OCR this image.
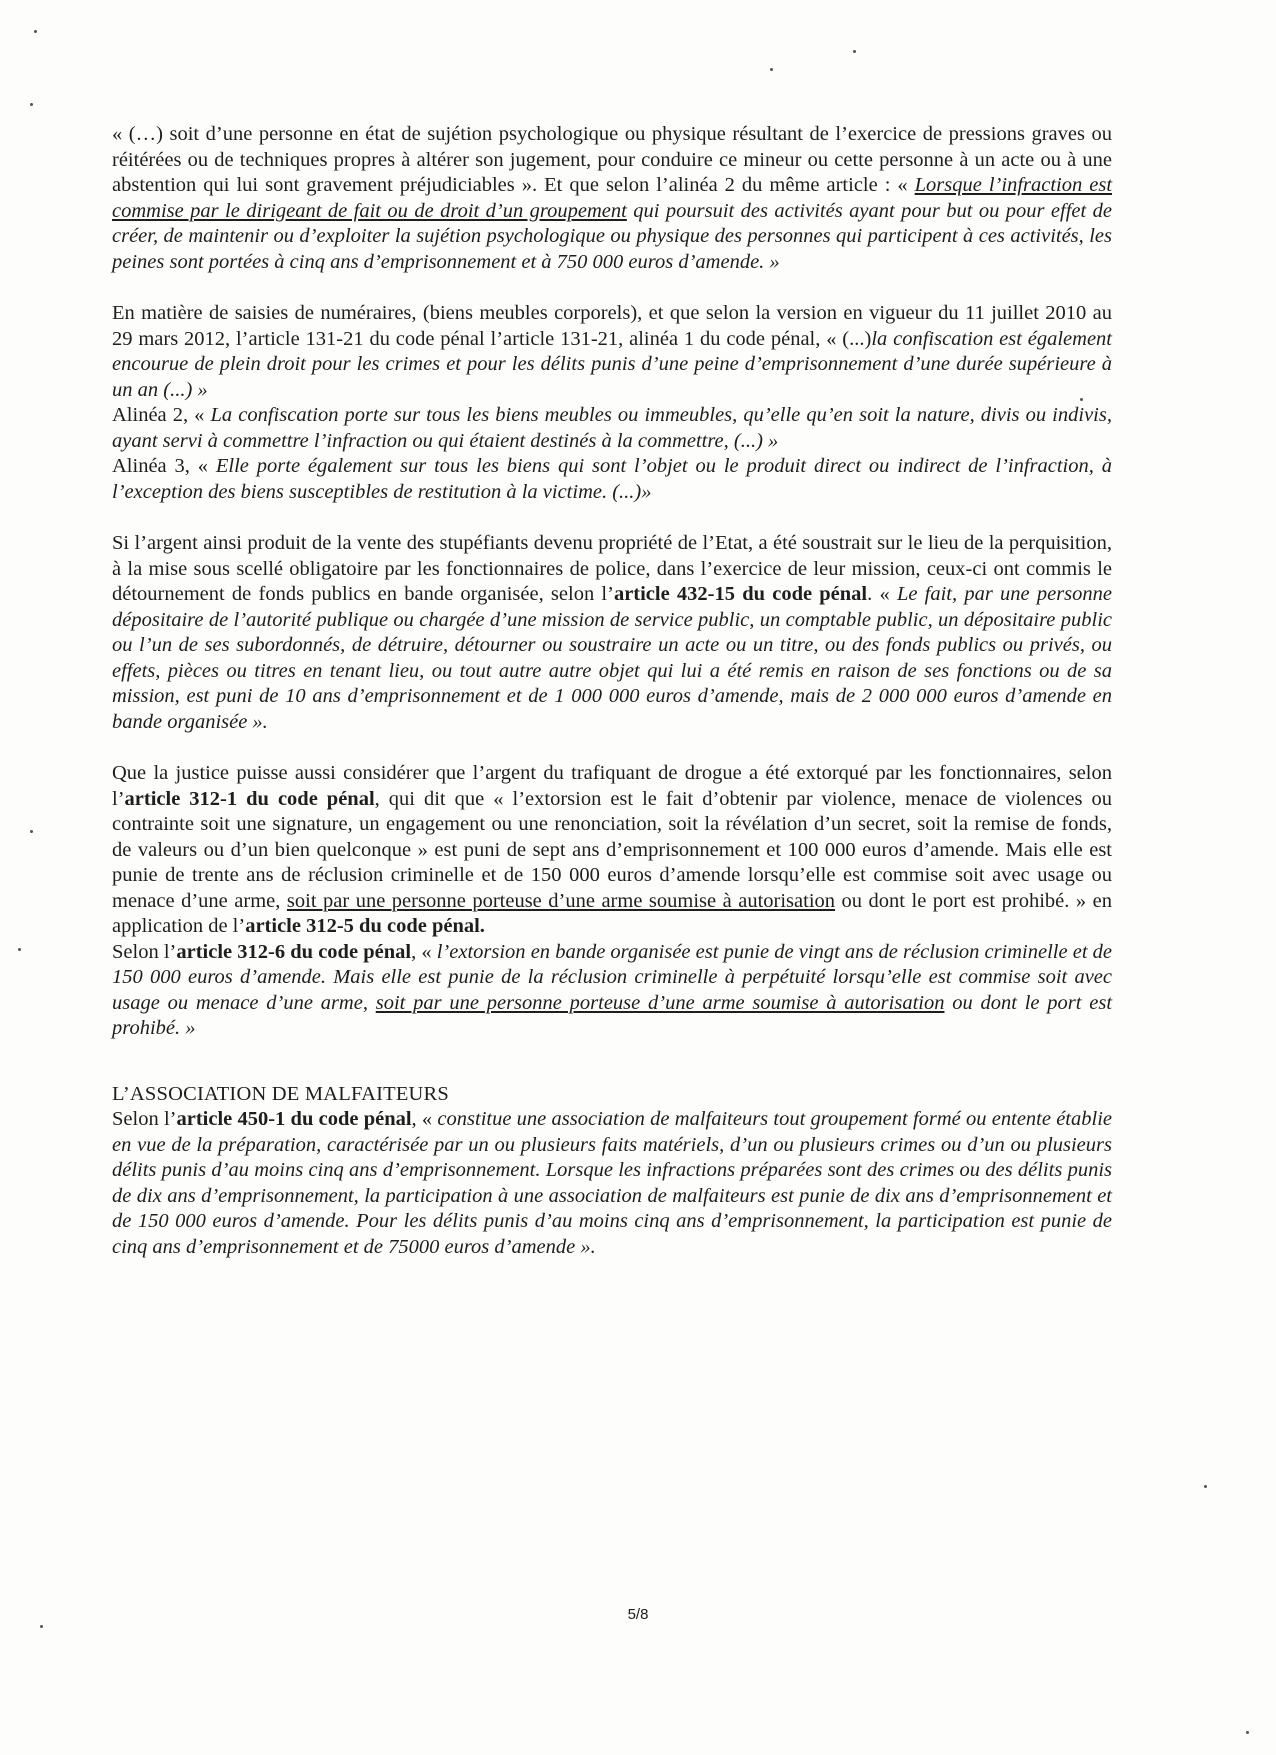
« (…) soit d’une personne en état de sujétion psychologique ou physique résultant de l’exercice de pressions graves ou réitérées ou de techniques propres à altérer son jugement, pour conduire ce mineur ou cette personne à un acte ou à une abstention qui lui sont gravement préjudiciables ». Et que selon l’alinéa 2 du même article : « Lorsque l’infraction est commise par le dirigeant de fait ou de droit d’un groupement qui poursuit des activités ayant pour but ou pour effet de créer, de maintenir ou d’exploiter la sujétion psychologique ou physique des personnes qui participent à ces activités, les peines sont portées à cinq ans d’emprisonnement et à 750 000 euros d’amende. »

En matière de saisies de numéraires, (biens meubles corporels), et que selon la version en vigueur du 11 juillet 2010 au 29 mars 2012, l’article 131-21 du code pénal l’article 131-21, alinéa 1 du code pénal, « (...)la confiscation est également encourue de plein droit pour les crimes et pour les délits punis d’une peine d’emprisonnement d’une durée supérieure à un an (...) »

Alinéa 2, « La confiscation porte sur tous les biens meubles ou immeubles, qu’elle qu’en soit la nature, divis ou indivis, ayant servi à commettre l’infraction ou qui étaient destinés à la commettre, (...) »

Alinéa 3, « Elle porte également sur tous les biens qui sont l’objet ou le produit direct ou indirect de l’infraction, à l’exception des biens susceptibles de restitution à la victime. (...)»

Si l’argent ainsi produit de la vente des stupéfiants devenu propriété de l’Etat, a été soustrait sur le lieu de la perquisition, à la mise sous scellé obligatoire par les fonctionnaires de police, dans l’exercice de leur mission, ceux-ci ont commis le détournement de fonds publics en bande organisée, selon l’article 432-15 du code pénal. « Le fait, par une personne dépositaire de l’autorité publique ou chargée d’une mission de service public, un comptable public, un dépositaire public ou l’un de ses subordonnés, de détruire, détourner ou soustraire un acte ou un titre, ou des fonds publics ou privés, ou effets, pièces ou titres en tenant lieu, ou tout autre autre objet qui lui a été remis en raison de ses fonctions ou de sa mission, est puni de 10 ans d’emprisonnement et de 1 000 000 euros d’amende, mais de 2 000 000 euros d’amende en bande organisée ».

Que la justice puisse aussi considérer que l’argent du trafiquant de drogue a été extorqué par les fonctionnaires, selon l’article 312-1 du code pénal, qui dit que « l’extorsion est le fait d’obtenir par violence, menace de violences ou contrainte soit une signature, un engagement ou une renonciation, soit la révélation d’un secret, soit la remise de fonds, de valeurs ou d’un bien quelconque » est puni de sept ans d’emprisonnement et 100 000 euros d’amende. Mais elle est punie de trente ans de réclusion criminelle et de 150 000 euros d’amende lorsqu’elle est commise soit avec usage ou menace d’une arme, soit par une personne porteuse d’une arme soumise à autorisation ou dont le port est prohibé. » en application de l’article 312-5 du code pénal.

Selon l’article 312-6 du code pénal, « l’extorsion en bande organisée est punie de vingt ans de réclusion criminelle et de 150 000 euros d’amende. Mais elle est punie de la réclusion criminelle à perpétuité lorsqu’elle est commise soit avec usage ou menace d’une arme, soit par une personne porteuse d’une arme soumise à autorisation ou dont le port est prohibé. »

L’ASSOCIATION DE MALFAITEURS

Selon l’article 450-1 du code pénal, « constitue une association de malfaiteurs tout groupement formé ou entente établie en vue de la préparation, caractérisée par un ou plusieurs faits matériels, d’un ou plusieurs crimes ou d’un ou plusieurs délits punis d’au moins cinq ans d’emprisonnement. Lorsque les infractions préparées sont des crimes ou des délits punis de dix ans d’emprisonnement, la participation à une association de malfaiteurs est punie de dix ans d’emprisonnement et de 150 000 euros d’amende. Pour les délits punis d’au moins cinq ans d’emprisonnement, la participation est punie de cinq ans d’emprisonnement et de 75000 euros d’amende ».

5/8
